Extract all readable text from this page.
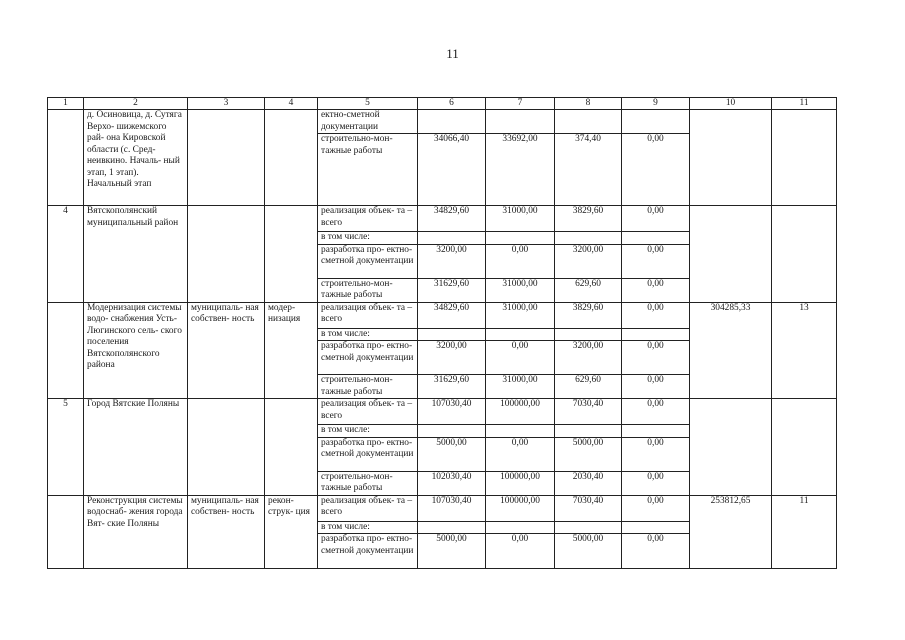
11
1	2	3	4	5	6	7	8	9	10	11
	д. Осиновица, д. Сутяга Верхо- шижемского рай- она Кировской области (с. Сред- неивкино. Началь- ный этап, 1 этап). Начальный этап			ектно-сметной документации						
				строительно-мон- тажные работы	34066,40	33692,00	374,40	0,00		
4	Вятскополянский муниципальный район			реализация объек- та – всего	34829,60	31000,00	3829,60	0,00		
				в том числе:						
				разработка про- ектно-сметной документации	3200,00	0,00	3200,00	0,00		
				строительно-мон- тажные работы	31629,60	31000,00	629,60	0,00		
	Модернизация системы водо- снабжения Усть- Люгинского сель- ского поселения Вятскополянского района	муниципаль- ная собствен- ность	модер- низация	реализация объек- та – всего	34829,60	31000,00	3829,60	0,00	304285,33	13
				в том числе:						
				разработка про- ектно-сметной документации	3200,00	0,00	3200,00	0,00		
				строительно-мон- тажные работы	31629,60	31000,00	629,60	0,00		
5	Город Вятские Поляны			реализация объек- та – всего	107030,40	100000,00	7030,40	0,00		
				в том числе:						
				разработка про- ектно-сметной документации	5000,00	0,00	5000,00	0,00		
				строительно-мон- тажные работы	102030,40	100000,00	2030,40	0,00		
	Реконструкция системы водоснаб- жения города Вят- ские Поляны	муниципаль- ная собствен- ность	рекон- струк- ция	реализация объек- та – всего	107030,40	100000,00	7030,40	0,00	253812,65	11
				в том числе:						
				разработка про- ектно-сметной документации	5000,00	0,00	5000,00	0,00		
